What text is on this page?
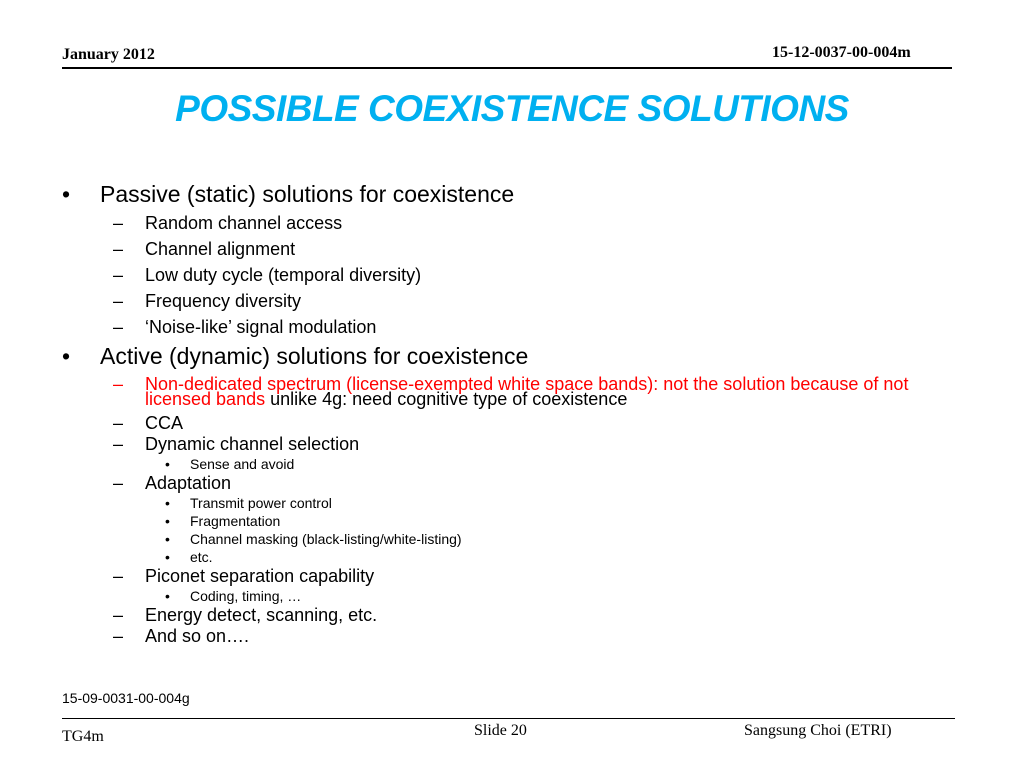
January 2012	15-12-0037-00-004m
POSSIBLE COEXISTENCE SOLUTIONS
• Passive (static) solutions for coexistence
– Random channel access
– Channel alignment
– Low duty cycle (temporal diversity)
– Frequency diversity
– ‘Noise-like’ signal modulation
• Active (dynamic) solutions for coexistence
– Non-dedicated spectrum (license-exempted white space bands): not the solution because of not licensed bands unlike 4g: need cognitive type of coexistence
– CCA
– Dynamic channel selection
• Sense and avoid
– Adaptation
• Transmit power control
• Fragmentation
• Channel masking (black-listing/white-listing)
• etc.
– Piconet separation capability
• Coding, timing, …
– Energy detect, scanning, etc.
– And so on….
15-09-0031-00-004g
TG4m	Slide 20	Sangsung Choi (ETRI)
